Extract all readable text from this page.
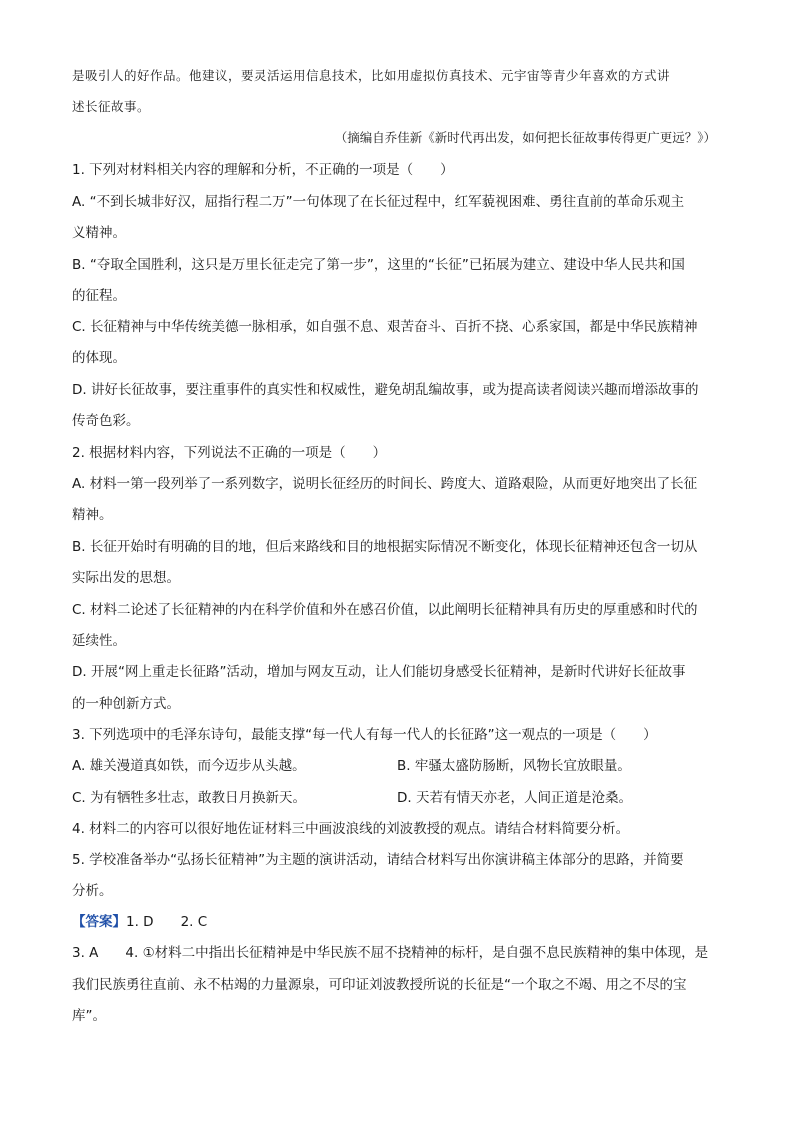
是吸引人的好作品。他建议，要灵活运用信息技术，比如用虚拟仿真技术、元宇宙等青少年喜欢的方式讲
述长征故事。
（摘编自乔佳新《新时代再出发，如何把长征故事传得更广更远？》）
1. 下列对材料相关内容的理解和分析，不正确的一项是（　　）
A. “不到长城非好汉，屈指行程二万”一句体现了在长征过程中，红军藐视困难、勇往直前的革命乐观主
义精神。
B. “夺取全国胜利，这只是万里长征走完了第一步”，这里的“长征”已拓展为建立、建设中华人民共和国
的征程。
C. 长征精神与中华传统美德一脉相承，如自强不息、艰苦奋斗、百折不挠、心系家国，都是中华民族精神
的体现。
D. 讲好长征故事，要注重事件的真实性和权威性，避免胡乱编故事，或为提高读者阅读兴趣而增添故事的
传奇色彩。
2. 根据材料内容，下列说法不正确的一项是（　　）
A. 材料一第一段列举了一系列数字，说明长征经历的时间长、跨度大、道路艰险，从而更好地突出了长征
精神。
B. 长征开始时有明确的目的地，但后来路线和目的地根据实际情况不断变化，体现长征精神还包含一切从
实际出发的思想。
C. 材料二论述了长征精神的内在科学价值和外在感召价值，以此阐明长征精神具有历史的厚重感和时代的
延续性。
D. 开展“网上重走长征路”活动，增加与网友互动，让人们能切身感受长征精神，是新时代讲好长征故事
的一种创新方式。
3. 下列选项中的毛泽东诗句，最能支撑“每一代人有每一代人的长征路”这一观点的一项是（　　）
A. 雄关漫道真如铁，而今迈步从头越。	B. 牢骚太盛防肠断，风物长宜放眼量。
C. 为有牺牲多壮志，敢教日月换新天。	D. 天若有情天亦老，人间正道是沧桑。
4. 材料二的内容可以很好地佐证材料三中画波浪线的刘波教授的观点。请结合材料简要分析。
5. 学校准备举办“弘扬长征精神”为主题的演讲活动，请结合材料写出你演讲稿主体部分的思路，并简要
分析。
【答案】1. D　　2. C
3. A　　4. ①材料二中指出长征精神是中华民族不屈不挠精神的标杆，是自强不息民族精神的集中体现，是
我们民族勇往直前、永不枯竭的力量源泉，可印证刘波教授所说的长征是“一个取之不竭、用之不尽的宝
库”。
